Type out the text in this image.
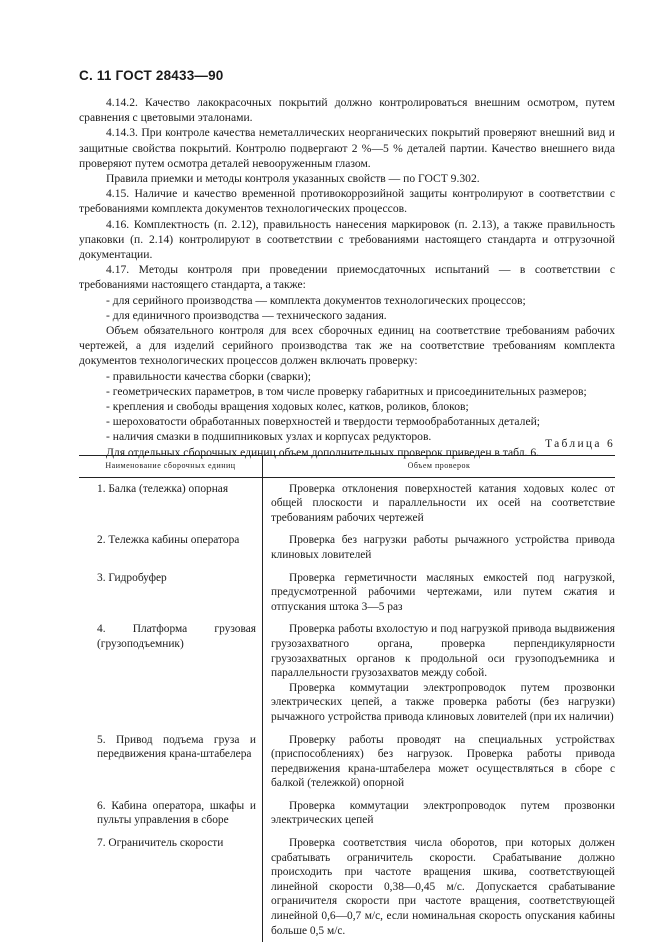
С. 11 ГОСТ 28433—90
4.14.2. Качество лакокрасочных покрытий должно контролироваться внешним осмотром, путем сравнения с цветовыми эталонами.
4.14.3. При контроле качества неметаллических неорганических покрытий проверяют внешний вид и защитные свойства покрытий. Контролю подвергают 2 %—5 % деталей партии. Качество внешнего вида проверяют путем осмотра деталей невооруженным глазом.
Правила приемки и методы контроля указанных свойств — по ГОСТ 9.302.
4.15. Наличие и качество временной противокоррозийной защиты контролируют в соответствии с требованиями комплекта документов технологических процессов.
4.16. Комплектность (п. 2.12), правильность нанесения маркировок (п. 2.13), а также правильность упаковки (п. 2.14) контролируют в соответствии с требованиями настоящего стандарта и отгрузочной документации.
4.17. Методы контроля при проведении приемосдаточных испытаний — в соответствии с требованиями настоящего стандарта, а также:
- для серийного производства — комплекта документов технологических процессов;
- для единичного производства — технического задания.
Объем обязательного контроля для всех сборочных единиц на соответствие требованиям рабочих чертежей, а для изделий серийного производства так же на соответствие требованиям комплекта документов технологических процессов должен включать проверку:
- правильности качества сборки (сварки);
- геометрических параметров, в том числе проверку габаритных и присоединительных размеров;
- крепления и свободы вращения ходовых колес, катков, роликов, блоков;
- шероховатости обработанных поверхностей и твердости термообработанных деталей;
- наличия смазки в подшипниковых узлах и корпусах редукторов.
Для отдельных сборочных единиц объем дополнительных проверок приведен в табл. 6.
Таблица 6
Наименование сборочных единиц	Объем проверок
1. Балка (тележка) опорная	Проверка отклонения поверхностей катания ходовых колес от общей плоскости и параллельности их осей на соответствие требованиям рабочих чертежей

2. Тележка кабины оператора	Проверка без нагрузки работы рычажного устройства привода клиновых ловителей

3. Гидробуфер	Проверка герметичности масляных емкостей под нагрузкой, предусмотренной рабочими чертежами, или путем сжатия и отпускания штока 3—5 раз

4. Платформа грузовая (грузоподъемник)	Проверка работы вхолостую и под нагрузкой привода выдвижения грузозахватного органа, проверка перпендикулярности грузозахватных органов к продольной оси грузоподъемника и параллельности грузозахватов между собой.
Проверка коммутации электропроводок путем прозвонки электрических цепей, а также проверка работы (без нагрузки) рычажного устройства привода клиновых ловителей (при их наличии)

5. Привод подъема груза и передвижения крана-штабелера	Проверку работы проводят на специальных устройствах (приспособлениях) без нагрузок. Проверка работы привода передвижения крана-штабелера может осуществляться в сборе с балкой (тележкой) опорной

6. Кабина оператора, шкафы и пульты управления в сборе	Проверка коммутации электропроводок путем прозвонки электрических цепей

7. Ограничитель скорости	Проверка соответствия числа оборотов, при которых должен срабатывать ограничитель скорости. Срабатывание должно происходить при частоте вращения шкива, соответствующей линейной скорости 0,38—0,45 м/с. Допускается срабатывание ограничителя скорости при частоте вращения, соответствующей линейной 0,6—0,7 м/с, если номинальная скорость опускания кабины больше 0,5 м/с.
